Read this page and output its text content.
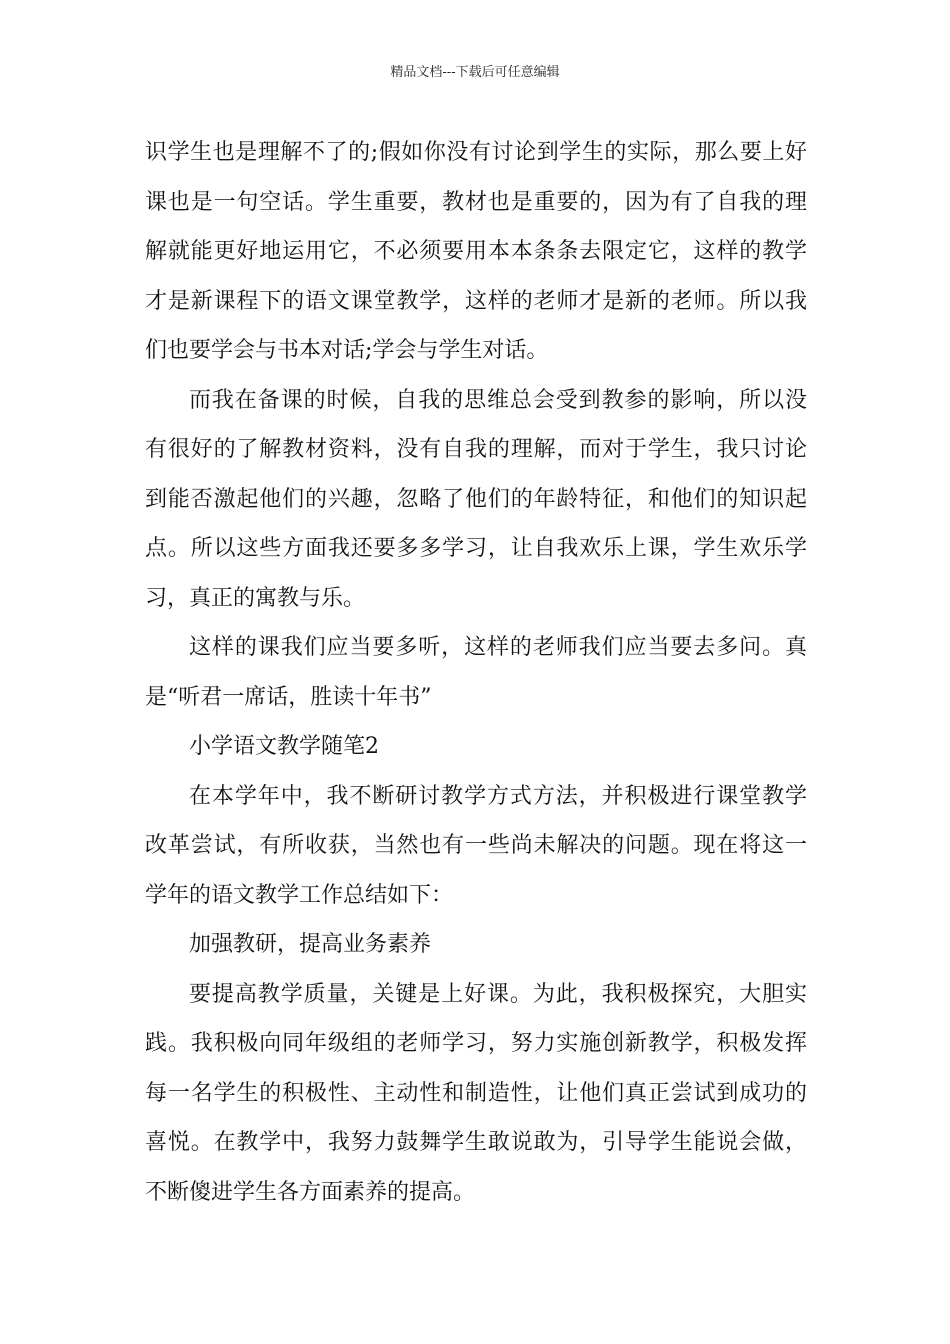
精品文档---下载后可任意编辑
识学生也是理解不了的;假如你没有讨论到学生的实际，那么要上好
课也是一句空话。学生重要，教材也是重要的，因为有了自我的理
解就能更好地运用它，不必须要用本本条条去限定它，这样的教学
才是新课程下的语文课堂教学，这样的老师才是新的老师。所以我
们也要学会与书本对话;学会与学生对话。
而我在备课的时候，自我的思维总会受到教参的影响，所以没
有很好的了解教材资料，没有自我的理解，而对于学生，我只讨论
到能否激起他们的兴趣，忽略了他们的年龄特征，和他们的知识起
点。所以这些方面我还要多多学习，让自我欢乐上课，学生欢乐学
习，真正的寓教与乐。
这样的课我们应当要多听，这样的老师我们应当要去多问。真
是“听君一席话，胜读十年书”
小学语文教学随笔2
在本学年中，我不断研讨教学方式方法，并积极进行课堂教学
改革尝试，有所收获，当然也有一些尚未解决的问题。现在将这一
学年的语文教学工作总结如下：
加强教研，提高业务素养
要提高教学质量，关键是上好课。为此，我积极探究，大胆实
践。我积极向同年级组的老师学习，努力实施创新教学，积极发挥
每一名学生的积极性、主动性和制造性，让他们真正尝试到成功的
喜悦。在教学中，我努力鼓舞学生敢说敢为，引导学生能说会做，
不断傻进学生各方面素养的提高。
